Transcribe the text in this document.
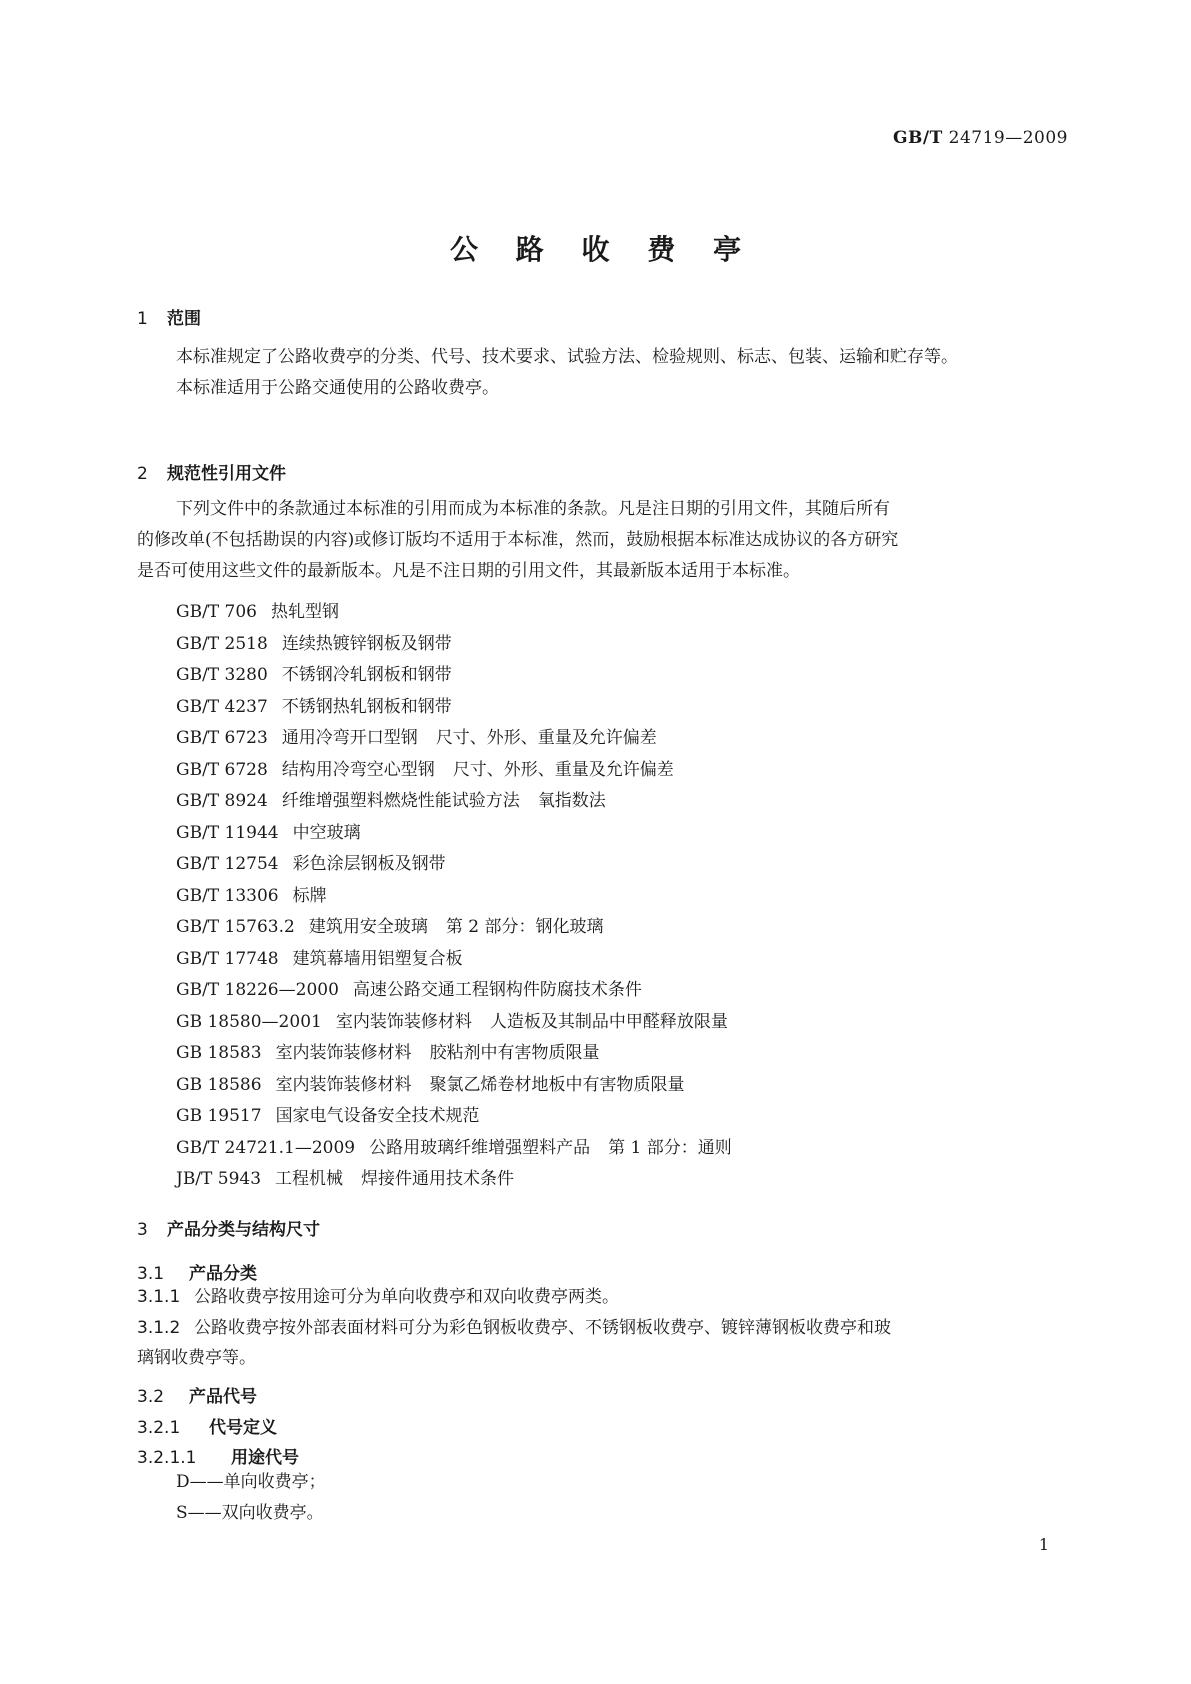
GB/T 24719—2009
公 路 收 费 亭
1 范围
本标准规定了公路收费亭的分类、代号、技术要求、试验方法、检验规则、标志、包装、运输和贮存等。
本标准适用于公路交通使用的公路收费亭。
2 规范性引用文件
下列文件中的条款通过本标准的引用而成为本标准的条款。凡是注日期的引用文件，其随后所有
的修改单(不包括勘误的内容)或修订版均不适用于本标准，然而，鼓励根据本标准达成协议的各方研究
是否可使用这些文件的最新版本。凡是不注日期的引用文件，其最新版本适用于本标准。
GB/T 706 热轧型钢
GB/T 2518 连续热镀锌钢板及钢带
GB/T 3280 不锈钢冷轧钢板和钢带
GB/T 4237 不锈钢热轧钢板和钢带
GB/T 6723 通用冷弯开口型钢 尺寸、外形、重量及允许偏差
GB/T 6728 结构用冷弯空心型钢 尺寸、外形、重量及允许偏差
GB/T 8924 纤维增强塑料燃烧性能试验方法 氧指数法
GB/T 11944 中空玻璃
GB/T 12754 彩色涂层钢板及钢带
GB/T 13306 标牌
GB/T 15763.2 建筑用安全玻璃 第 2 部分：钢化玻璃
GB/T 17748 建筑幕墙用铝塑复合板
GB/T 18226—2000 高速公路交通工程钢构件防腐技术条件
GB 18580—2001 室内装饰装修材料 人造板及其制品中甲醛释放限量
GB 18583 室内装饰装修材料 胶粘剂中有害物质限量
GB 18586 室内装饰装修材料 聚氯乙烯卷材地板中有害物质限量
GB 19517 国家电气设备安全技术规范
GB/T 24721.1—2009 公路用玻璃纤维增强塑料产品 第 1 部分：通则
JB/T 5943 工程机械 焊接件通用技术条件
3 产品分类与结构尺寸
3.1 产品分类
3.1.1 公路收费亭按用途可分为单向收费亭和双向收费亭两类。
3.1.2 公路收费亭按外部表面材料可分为彩色钢板收费亭、不锈钢板收费亭、镀锌薄钢板收费亭和玻
璃钢收费亭等。
3.2 产品代号
3.2.1 代号定义
3.2.1.1 用途代号
D——单向收费亭；
S——双向收费亭。
1
